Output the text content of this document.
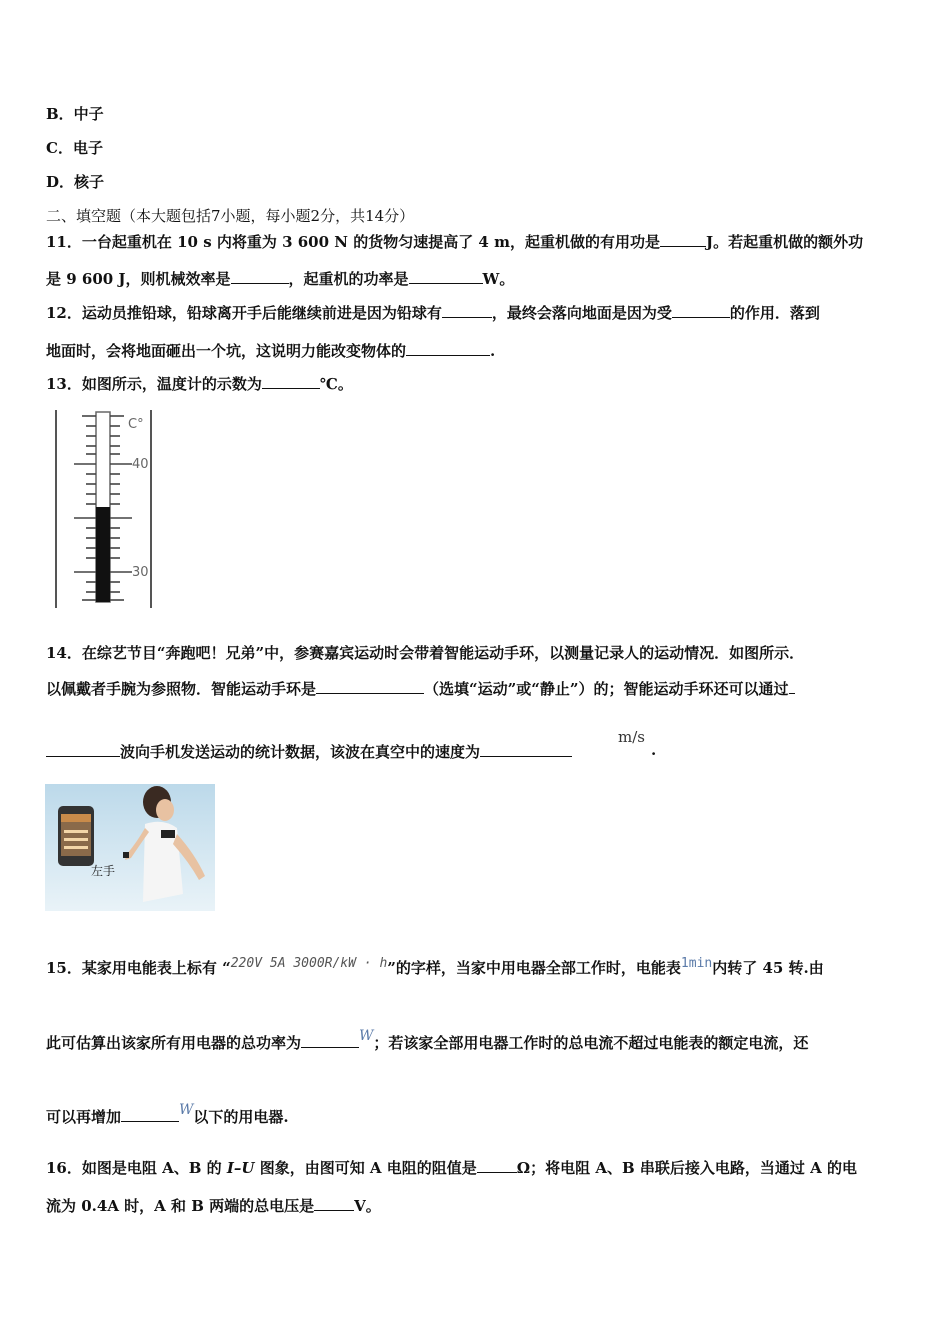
B．中子
C．电子
D．核子
二、填空题（本大题包括7小题，每小题2分，共14分）
11．一台起重机在 10 s 内将重为 3 600 N 的货物匀速提高了 4 m，起重机做的有用功是	J。若起重机做的额外功
是 9 600 J，则机械效率是	，起重机的功率是	W。
12．运动员推铅球，铅球离开手后能继续前进是因为铅球有	，最终会落向地面是因为受	的作用．落到
地面时，会将地面砸出一个坑，这说明力能改变物体的	.
13．如图所示，温度计的示数为	℃。
C°
40
30
14．在综艺节目“奔跑吧！兄弟”中，参赛嘉宾运动时会带着智能运动手环，以测量记录人的运动情况．如图所示．
以佩戴者手腕为参照物．智能运动手环是	（选填“运动”或“静止”）的；智能运动手环还可以通过
波向手机发送运动的统计数据，该波在真空中的速度为
m/s
.
左手
15．某家用电能表上标有 “220V 5A 3000R/kW · h”的字样，当家中用电器全部工作时，电能表1min内转了 45 转.由
此可估算出该家所有用电器的总功率为	W；若该家全部用电器工作时的总电流不超过电能表的额定电流，还
可以再增加	W以下的用电器.
16．如图是电阻 A、B 的 I–U 图象，由图可知 A 电阻的阻值是	Ω；将电阻 A、B 串联后接入电路，当通过 A 的电
流为 0.4A 时，A 和 B 两端的总电压是	V。
